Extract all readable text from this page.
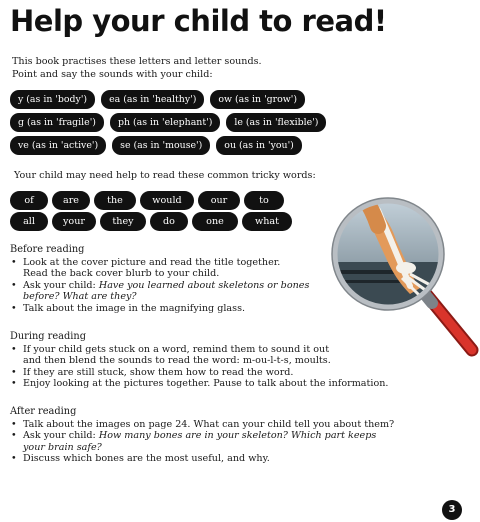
Help your child to read!
This book practises these letters and letter sounds.
Point and say the sounds with your child:
y (as in 'body')	ea (as in 'healthy')	ow (as in 'grow')
g (as in 'fragile')	ph (as in 'elephant')	le (as in 'flexible')
ve (as in 'active')	se (as in 'mouse')	ou (as in 'you')
Your child may need help to read these common tricky words:
of	are	the	would	our	to
all	your	they	do	one	what
Before reading
• Look at the cover picture and read the title together.
Read the back cover blurb to your child.
• Ask your child: Have you learned about skeletons or bones
before? What are they?
• Talk about the image in the magnifying glass.
During reading
• If your child gets stuck on a word, remind them to sound it out
and then blend the sounds to read the word: m-ou-l-t-s, moults.
• If they are still stuck, show them how to read the word.
• Enjoy looking at the pictures together. Pause to talk about the information.
After reading
• Talk about the images on page 24. What can your child tell you about them?
• Ask your child: How many bones are in your skeleton? Which part keeps
your brain safe?
• Discuss which bones are the most useful, and why.
3
